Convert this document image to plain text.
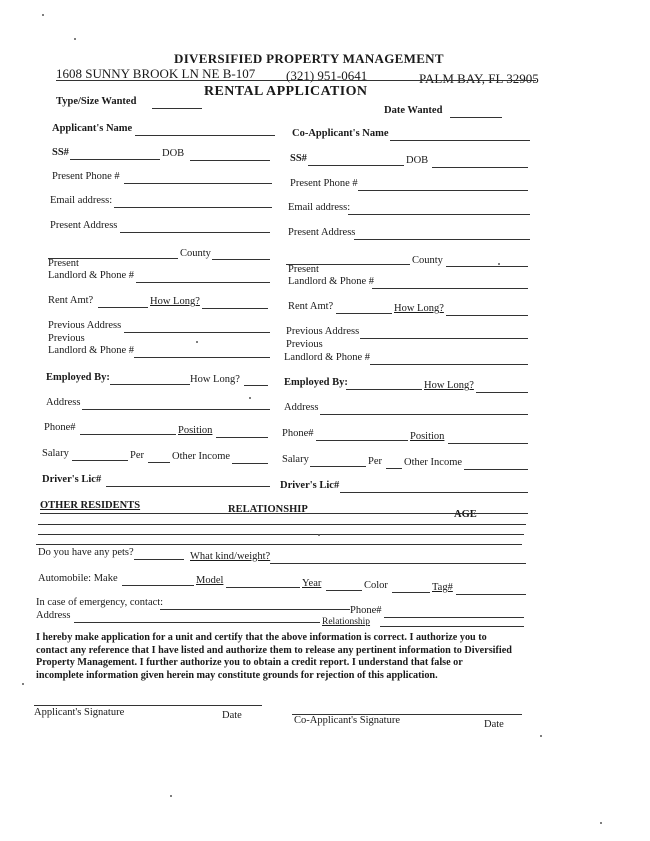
DIVERSIFIED PROPERTY MANAGEMENT
1608 SUNNY BROOK LN NE B-107 (321) 951-0641	PALM BAY, FL 32905
RENTAL APPLICATION
Type/Size Wanted
Date Wanted
Applicant's Name
SS#	DOB
Present Phone #
Email address:
Present Address
County
Present
Landlord & Phone #
Rent Amt?	How Long?
Previous Address
Previous
Landlord & Phone #
Employed By:	How Long?
Address
Phone#	Position
Salary	Per	Other Income
Driver's Lic#
Co-Applicant's Name
SS#	DOB
Present Phone #
Email address:
Present Address
County
Present
Landlord & Phone #
Rent Amt?	How Long?
Previous Address
Previous
Landlord & Phone #
Employed By:	How Long?
Address
Phone#	Position
Salary	Per Other Income
Driver's Lic#
OTHER RESIDENTS	RELATIONSHIP	AGE
Do you have any pets?	What kind/weight?
Automobile: Make	Model	Year	Color	Tag#
In case of emergency, contact:
Phone#
Address
Relationship
I hereby make application for a unit and certify that the above information is correct. I authorize you to
contact any reference that I have listed and authorize them to release any pertinent information to Diversified
Property Management. I further authorize you to obtain a credit report. I understand that false or
incomplete information given herein may constitute grounds for rejection of this application.
Applicant's Signature	Date	Co-Applicant's Signature	Date
